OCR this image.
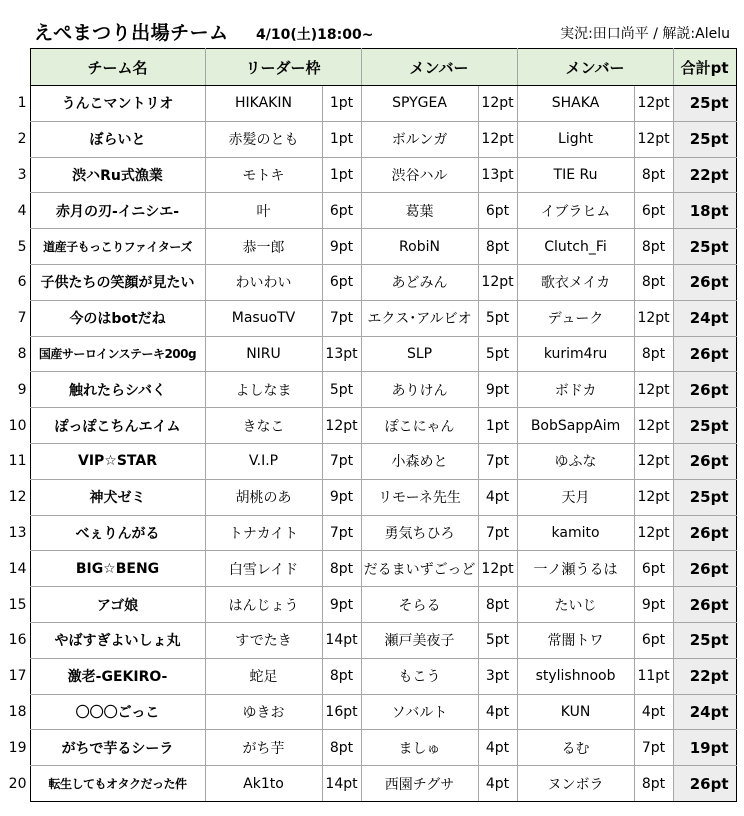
えぺまつり出場チーム 4/10(土)18:00~	実況:田口尚平 / 解説:Alelu
	チーム名	リーダー枠		メンバー		メンバー		合計pt
1	うんこマントリオ	HIKAKIN	1pt	SPYGEA	12pt	SHAKA	12pt	25pt
2	ぼらいと	赤髪のとも	1pt	ボルンガ	12pt	Light	12pt	25pt
3	渋ハRu式漁業	モトキ	1pt	渋谷ハル	13pt	TIE Ru	8pt	22pt
4	赤月の刃-イニシエ-	叶	6pt	葛葉	6pt	イブラヒム	6pt	18pt
5	道産子もっこりファイターズ	恭一郎	9pt	RobiN	8pt	Clutch_Fi	8pt	25pt
6	子供たちの笑顔が見たい	わいわい	6pt	あどみん	12pt	歌衣メイカ	8pt	26pt
7	今のはbotだね	MasuoTV	7pt	エクス･アルビオ	5pt	デューク	12pt	24pt
8	国産サーロインステーキ200g	NIRU	13pt	SLP	5pt	kurim4ru	8pt	26pt
9	触れたらシバく	よしなま	5pt	ありけん	9pt	ボドカ	12pt	26pt
10	ぽっぽこちんエイム	きなこ	12pt	ぽこにゃん	1pt	BobSappAim	12pt	25pt
11	VIP☆STAR	V.I.P	7pt	小森めと	7pt	ゆふな	12pt	26pt
12	神犬ゼミ	胡桃のあ	9pt	リモーネ先生	4pt	天月	12pt	25pt
13	べぇりんがる	トナカイト	7pt	勇気ちひろ	7pt	kamito	12pt	26pt
14	BIG☆BENG	白雪レイド	8pt	だるまいずごっど	12pt	一ノ瀬うるは	6pt	26pt
15	アゴ娘	はんじょう	9pt	そらる	8pt	たいじ	9pt	26pt
16	やばすぎよいしょ丸	すでたき	14pt	瀬戸美夜子	5pt	常闇トワ	6pt	25pt
17	激老-GEKIRO-	蛇足	8pt	もこう	3pt	stylishnoob	11pt	22pt
18	〇〇〇ごっこ	ゆきお	16pt	ソバルト	4pt	KUN	4pt	24pt
19	がちで芋るシーラ	がち芋	8pt	ましゅ	4pt	るむ	7pt	19pt
20	転生してもオタクだった件	Ak1to	14pt	西園チグサ	4pt	ヌンボラ	8pt	26pt
